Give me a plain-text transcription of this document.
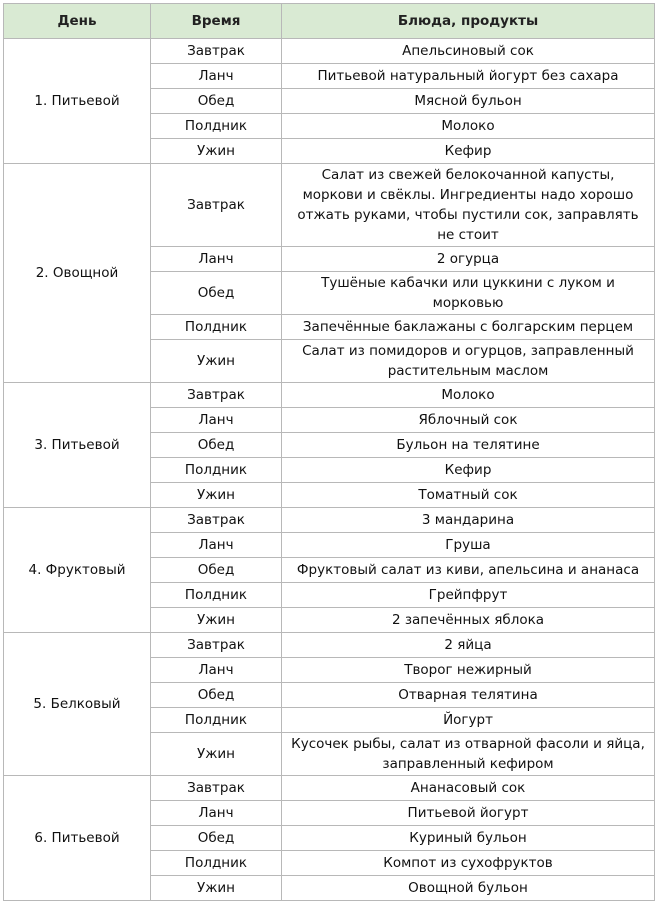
День	Время	Блюда, продукты
1. Питьевой	Завтрак	Апельсиновый сок
	Ланч	Питьевой натуральный йогурт без сахара
	Обед	Мясной бульон
	Полдник	Молоко
	Ужин	Кефир
2. Овощной	Завтрак	Салат из свежей белокочанной капусты, моркови и свёклы. Ингредиенты надо хорошо отжать руками, чтобы пустили сок, заправлять не стоит
	Ланч	2 огурца
	Обед	Тушёные кабачки или цуккини с луком и морковью
	Полдник	Запечённые баклажаны с болгарским перцем
	Ужин	Салат из помидоров и огурцов, заправленный растительным маслом
3. Питьевой	Завтрак	Молоко
	Ланч	Яблочный сок
	Обед	Бульон на телятине
	Полдник	Кефир
	Ужин	Томатный сок
4. Фруктовый	Завтрак	3 мандарина
	Ланч	Груша
	Обед	Фруктовый салат из киви, апельсина и ананаса
	Полдник	Грейпфрут
	Ужин	2 запечённых яблока
5. Белковый	Завтрак	2 яйца
	Ланч	Творог нежирный
	Обед	Отварная телятина
	Полдник	Йогурт
	Ужин	Кусочек рыбы, салат из отварной фасоли и яйца, заправленный кефиром
6. Питьевой	Завтрак	Ананасовый сок
	Ланч	Питьевой йогурт
	Обед	Куриный бульон
	Полдник	Компот из сухофруктов
	Ужин	Овощной бульон
